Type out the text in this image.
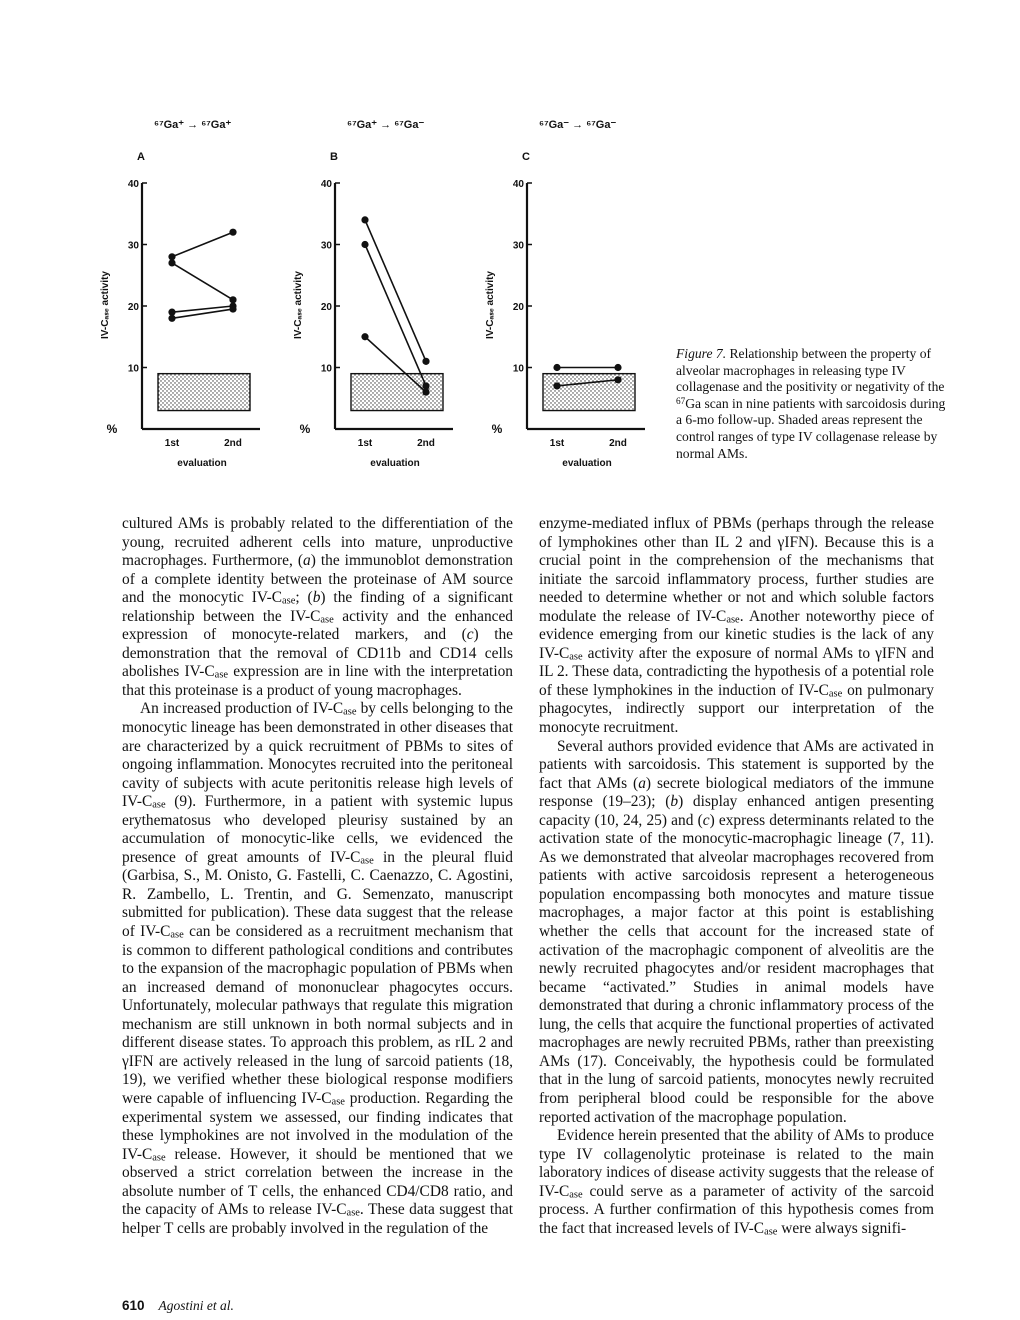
⁶⁷Ga⁺ → ⁶⁷Ga⁺
A
40
30
20
10
IV-Cₐₛₑ activity
%
1st	2nd
evaluation
⁶⁷Ga⁺ → ⁶⁷Ga⁻
B
40
30
20
10
IV-Cₐₛₑ activity
%
1st	2nd
evaluation
⁶⁷Ga⁻ → ⁶⁷Ga⁻
C
40
30
20
10
IV-Cₐₛₑ activity
%
1st	2nd
evaluation
Figure 7. Relationship between the property of alveolar macrophages in releasing type IV collagenase and the positivity or negativity of the $^{67}$Ga scan in nine patients with sarcoidosis during a 6-mo follow-up. Shaded areas represent the control ranges of type IV collagenase release by normal AMs.

cultured AMs is probably related to the differentiation of the young, recruited adherent cells into mature, unproductive macrophages. Furthermore, (a) the immunoblot demonstration of a complete identity between the proteinase of AM source and the monocytic $IV-C_{ase}$; (b) the finding of a significant relationship between the $IV-C_{ase}$ activity and the enhanced expression of monocyte-related markers, and (c) the demonstration that the removal of CD11b and CD14 cells abolishes $IV-C_{ase}$ expression are in line with the interpretation that this proteinase is a product of young macrophages.

An increased production of $IV-C_{ase}$ by cells belonging to the monocytic lineage has been demonstrated in other diseases that are characterized by a quick recruitment of PBMs to sites of ongoing inflammation. Monocytes recruited into the peritoneal cavity of subjects with acute peritonitis release high levels of $IV-C_{ase}$ (9). Furthermore, in a patient with systemic lupus erythematosus who developed pleurisy sustained by an accumulation of monocytic-like cells, we evidenced the presence of great amounts of $IV-C_{ase}$ in the pleural fluid (Garbisa, S., M. Onisto, G. Fastelli, C. Caenazzo, C. Agostini, R. Zambello, L. Trentin, and G. Semenzato, manuscript submitted for publication). These data suggest that the release of $IV-C_{ase}$ can be considered as a recruitment mechanism that is common to different pathological conditions and contributes to the expansion of the macrophagic population of PBMs when an increased demand of mononuclear phagocytes occurs. Unfortunately, molecular pathways that regulate this migration mechanism are still unknown in both normal subjects and in different disease states. To approach this problem, as rIL 2 and γIFN are actively released in the lung of sarcoid patients (18, 19), we verified whether these biological response modifiers were capable of influencing $IV-C_{ase}$ production. Regarding the experimental system we assessed, our finding indicates that these lymphokines are not involved in the modulation of the $IV-C_{ase}$ release. However, it should be mentioned that we observed a strict correlation between the increase in the absolute number of T cells, the enhanced CD4/CD8 ratio, and the capacity of AMs to release $IV-C_{ase}$. These data suggest that helper T cells are probably involved in the regulation of the

enzyme-mediated influx of PBMs (perhaps through the release of lymphokines other than IL 2 and γIFN). Because this is a crucial point in the comprehension of the mechanisms that initiate the sarcoid inflammatory process, further studies are needed to determine whether or not and which soluble factors modulate the release of $IV-C_{ase}$. Another noteworthy piece of evidence emerging from our kinetic studies is the lack of any $IV-C_{ase}$ activity after the exposure of normal AMs to γIFN and IL 2. These data, contradicting the hypothesis of a potential role of these lymphokines in the induction of $IV-C_{ase}$ on pulmonary phagocytes, indirectly support our interpretation of the monocyte recruitment.

Several authors provided evidence that AMs are activated in patients with sarcoidosis. This statement is supported by the fact that AMs (a) secrete biological mediators of the immune response (19–23); (b) display enhanced antigen presenting capacity (10, 24, 25) and (c) express determinants related to the activation state of the monocytic-macrophagic lineage (7, 11). As we demonstrated that alveolar macrophages recovered from patients with active sarcoidosis represent a heterogeneous population encompassing both monocytes and mature tissue macrophages, a major factor at this point is establishing whether the cells that account for the increased state of activation of the macrophagic component of alveolitis are the newly recruited phagocytes and/or resident macrophages that became “activated.” Studies in animal models have demonstrated that during a chronic inflammatory process of the lung, the cells that acquire the functional properties of activated macrophages are newly recruited PBMs, rather than preexisting AMs (17). Conceivably, the hypothesis could be formulated that in the lung of sarcoid patients, monocytes newly recruited from peripheral blood could be responsible for the above reported activation of the macrophage population.

Evidence herein presented that the ability of AMs to produce type IV collagenolytic proteinase is related to the main laboratory indices of disease activity suggests that the release of $IV-C_{ase}$ could serve as a parameter of activity of the sarcoid process. A further confirmation of this hypothesis comes from the fact that increased levels of $IV-C_{ase}$ were always signifi-

610 Agostini et al.
